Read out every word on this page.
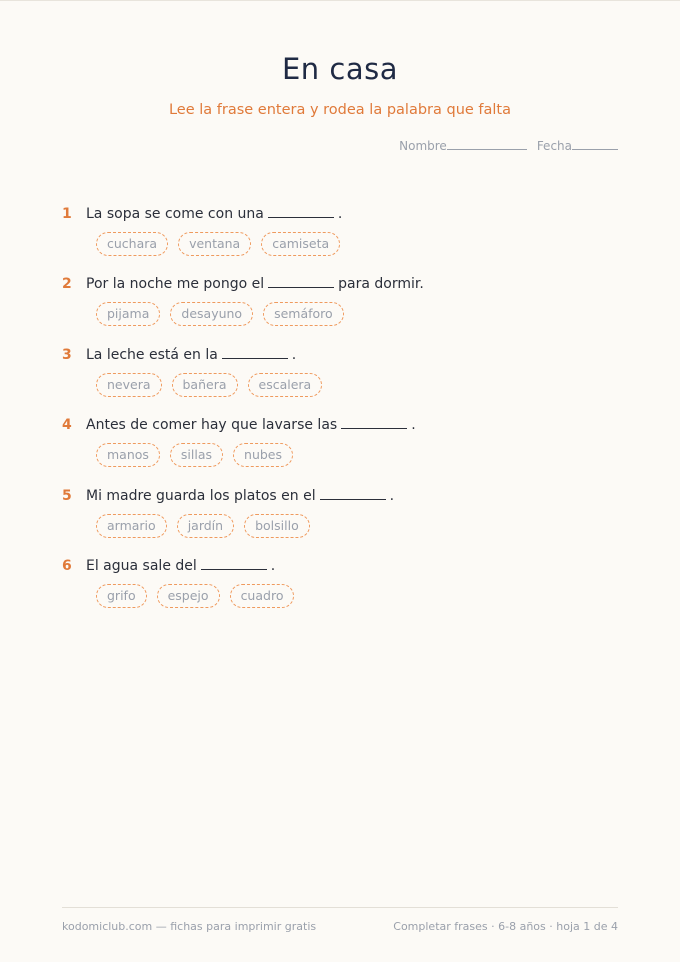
En casa

Lee la frase entera y rodea la palabra que falta

Nombre	Fecha
1	La sopa se come con una	.
cuchara	ventana	camiseta
2	Por la noche me pongo el	para dormir.
pijama	desayuno	semáforo
3	La leche está en la	.
nevera	bañera	escalera
4	Antes de comer hay que lavarse las	.
manos	sillas	nubes
5	Mi madre guarda los platos en el	.
armario	jardín	bolsillo
6	El agua sale del	.
grifo	espejo	cuadro
kodomiclub.com — fichas para imprimir gratis	Completar frases · 6-8 años · hoja 1 de 4
